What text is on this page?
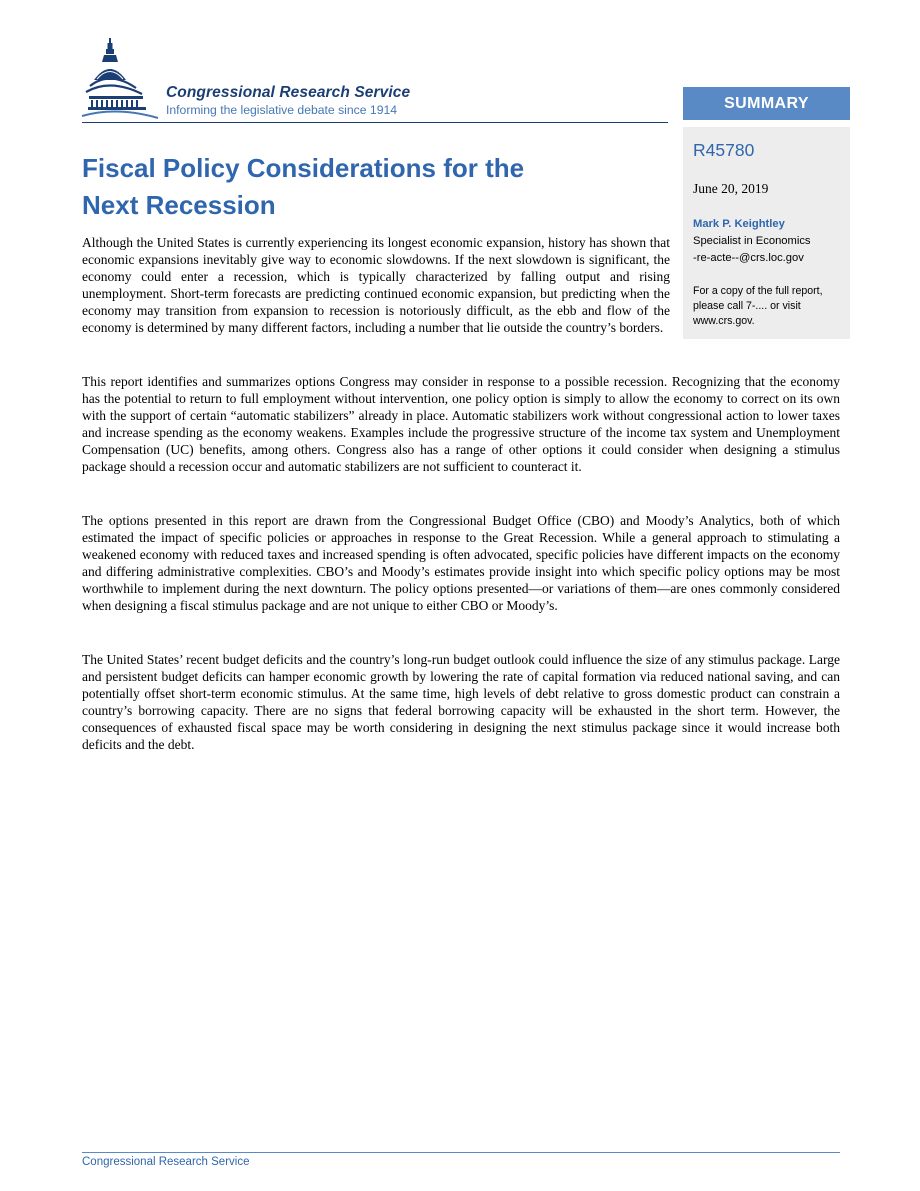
Congressional Research Service
Informing the legislative debate since 1914	SUMMARY
R45780
June 20, 2019
Mark P. Keightley
Specialist in Economics
-re-acte--@crs.loc.gov
For a copy of the full report, please call 7-.... or visit www.crs.gov.
Fiscal Policy Considerations for the
Next Recession

Although the United States is currently experiencing its longest economic expansion, history has shown that economic expansions inevitably give way to economic slowdowns. If the next slowdown is significant, the economy could enter a recession, which is typically characterized by falling output and rising unemployment. Short-term forecasts are predicting continued economic expansion, but predicting when the economy may transition from expansion to recession is notoriously difficult, as the ebb and flow of the economy is determined by many different factors, including a number that lie outside the country’s borders.

This report identifies and summarizes options Congress may consider in response to a possible recession. Recognizing that the economy has the potential to return to full employment without intervention, one policy option is simply to allow the economy to correct on its own with the support of certain “automatic stabilizers” already in place. Automatic stabilizers work without congressional action to lower taxes and increase spending as the economy weakens. Examples include the progressive structure of the income tax system and Unemployment Compensation (UC) benefits, among others. Congress also has a range of other options it could consider when designing a stimulus package should a recession occur and automatic stabilizers are not sufficient to counteract it.

The options presented in this report are drawn from the Congressional Budget Office (CBO) and Moody’s Analytics, both of which estimated the impact of specific policies or approaches in response to the Great Recession. While a general approach to stimulating a weakened economy with reduced taxes and increased spending is often advocated, specific policies have different impacts on the economy and differing administrative complexities. CBO’s and Moody’s estimates provide insight into which specific policy options may be most worthwhile to implement during the next downturn. The policy options presented—or variations of them—are ones commonly considered when designing a fiscal stimulus package and are not unique to either CBO or Moody’s.

The United States’ recent budget deficits and the country’s long-run budget outlook could influence the size of any stimulus package. Large and persistent budget deficits can hamper economic growth by lowering the rate of capital formation via reduced national saving, and can potentially offset short-term economic stimulus. At the same time, high levels of debt relative to gross domestic product can constrain a country’s borrowing capacity. There are no signs that federal borrowing capacity will be exhausted in the short term. However, the consequences of exhausted fiscal space may be worth considering in designing the next stimulus package since it would increase both deficits and the debt.

Congressional Research Service
